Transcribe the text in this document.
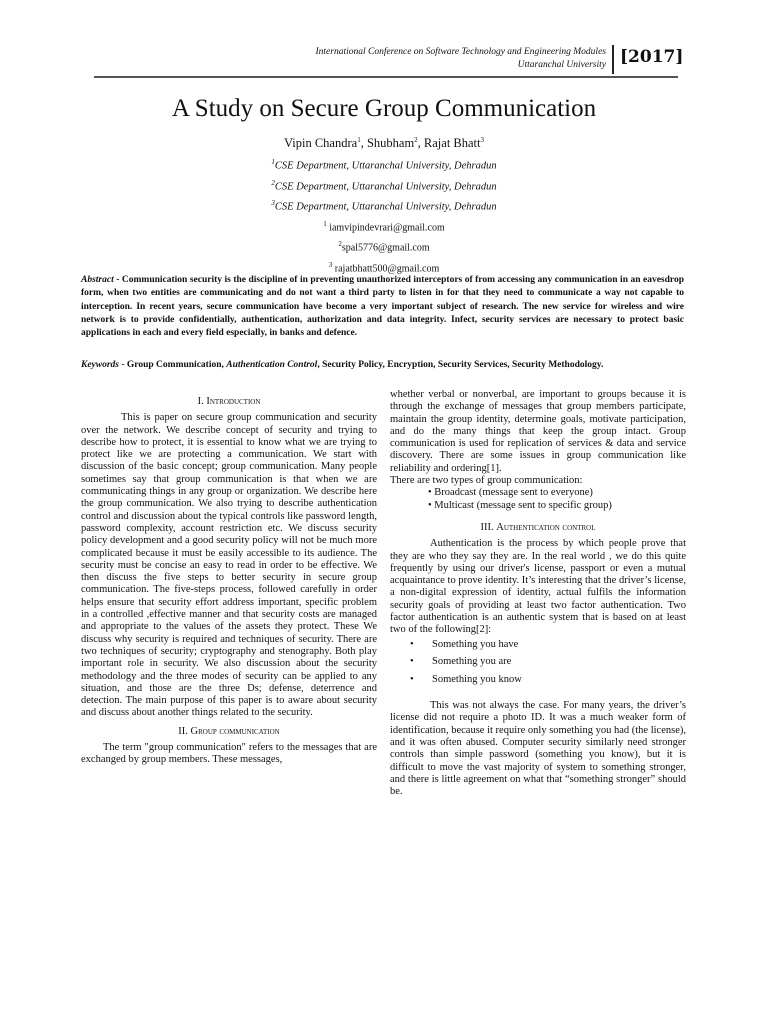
International Conference on Software Technology and Engineering Modules
Uttaranchal University [2017]
A Study on Secure Group Communication
Vipin Chandra$^1$, Shubham$^2$, Rajat Bhatt$^3$
$^1$CSE Department, Uttaranchal University, Dehradun
$^2$CSE Department, Uttaranchal University, Dehradun
$^3$CSE Department, Uttaranchal University, Dehradun
$^1$ iamvipindevrari@gmail.com
$^2$spal5776@gmail.com
$^3$ rajatbhatt500@gmail.com
Abstract - Communication security is the discipline of in preventing unauthorized interceptors of from accessing any communication in an eavesdrop form, when two entities are communicating and do not want a third party to listen in for that they need to communicate a way not capable to interception. In recent years, secure communication have become a very important subject of research. The new service for wireless and wire network is to provide confidentially, authentication, authorization and data integrity. Infect, security services are necessary to protect basic applications in each and every field especially, in banks and defence.
Keywords - Group Communication, Authentication Control, Security Policy, Encryption, Security Services, Security Methodology.
I. Introduction

This is paper on secure group communication and security over the network. We describe concept of security and trying to describe how to protect, it is essential to know what we are trying to protect like we are protecting a communication. We start with discussion of the basic concept; group communication. Many people sometimes say that group communication is that when we are communicating things in any group or organization. We describe here the group communication. We also trying to describe authentication control and discussion about the typical controls like password length, password complexity, account restriction etc. We discuss security policy development and a good security policy will not be much more complicated because it must be easily accessible to its audience. The security must be concise an easy to read in order to be effective. We then discuss the five steps to better security in secure group communication. The five-steps process, followed carefully in order helps ensure that security effort address important, specific problem in a controlled ,effective manner and that security costs are managed and appropriate to the values of the assets they protect. These We discuss why security is required and techniques of security. There are two techniques of security; cryptography and stenography. Both play important role in security. We also discussion about the security methodology and the three modes of security can be applied to any situation, and those are the three Ds; defense, deterrence and detection. The main purpose of this paper is to aware about security and discuss about another things related to the security.

II. Group communication

The term "group communication" refers to the messages that are exchanged by group members. These messages,

whether verbal or nonverbal, are important to groups because it is through the exchange of messages that group members participate, maintain the group identity, determine goals, motivate participation, and do the many things that keep the group intact. Group communication is used for replication of services & data and service discovery. There are some issues in group communication like reliability and ordering[1].

There are two types of group communication:

• Broadcast (message sent to everyone)
• Multicast (message sent to specific group)
III. Authentication control

Authentication is the process by which people prove that they are who they say they are. In the real world , we do this quite frequently by using our driver's license, passport or even a mutual acquaintance to prove identity. It’s interesting that the driver’s license, a non-digital expression of identity, actual fulfils the information security goals of providing at least two factor authentication. Two factor authentication is an authentic system that is based on at least two of the following[2]:

• Something you have
• Something you are
• Something you know

This was not always the case. For many years, the driver’s license did not require a photo ID. It was a much weaker form of identification, because it require only something you had (the license), and it was often abused. Computer security similarly need stronger controls than simple password (something you know), but it is difficult to move the vast majority of system to something stronger, and there is little agreement on what that “something stronger” should be.
